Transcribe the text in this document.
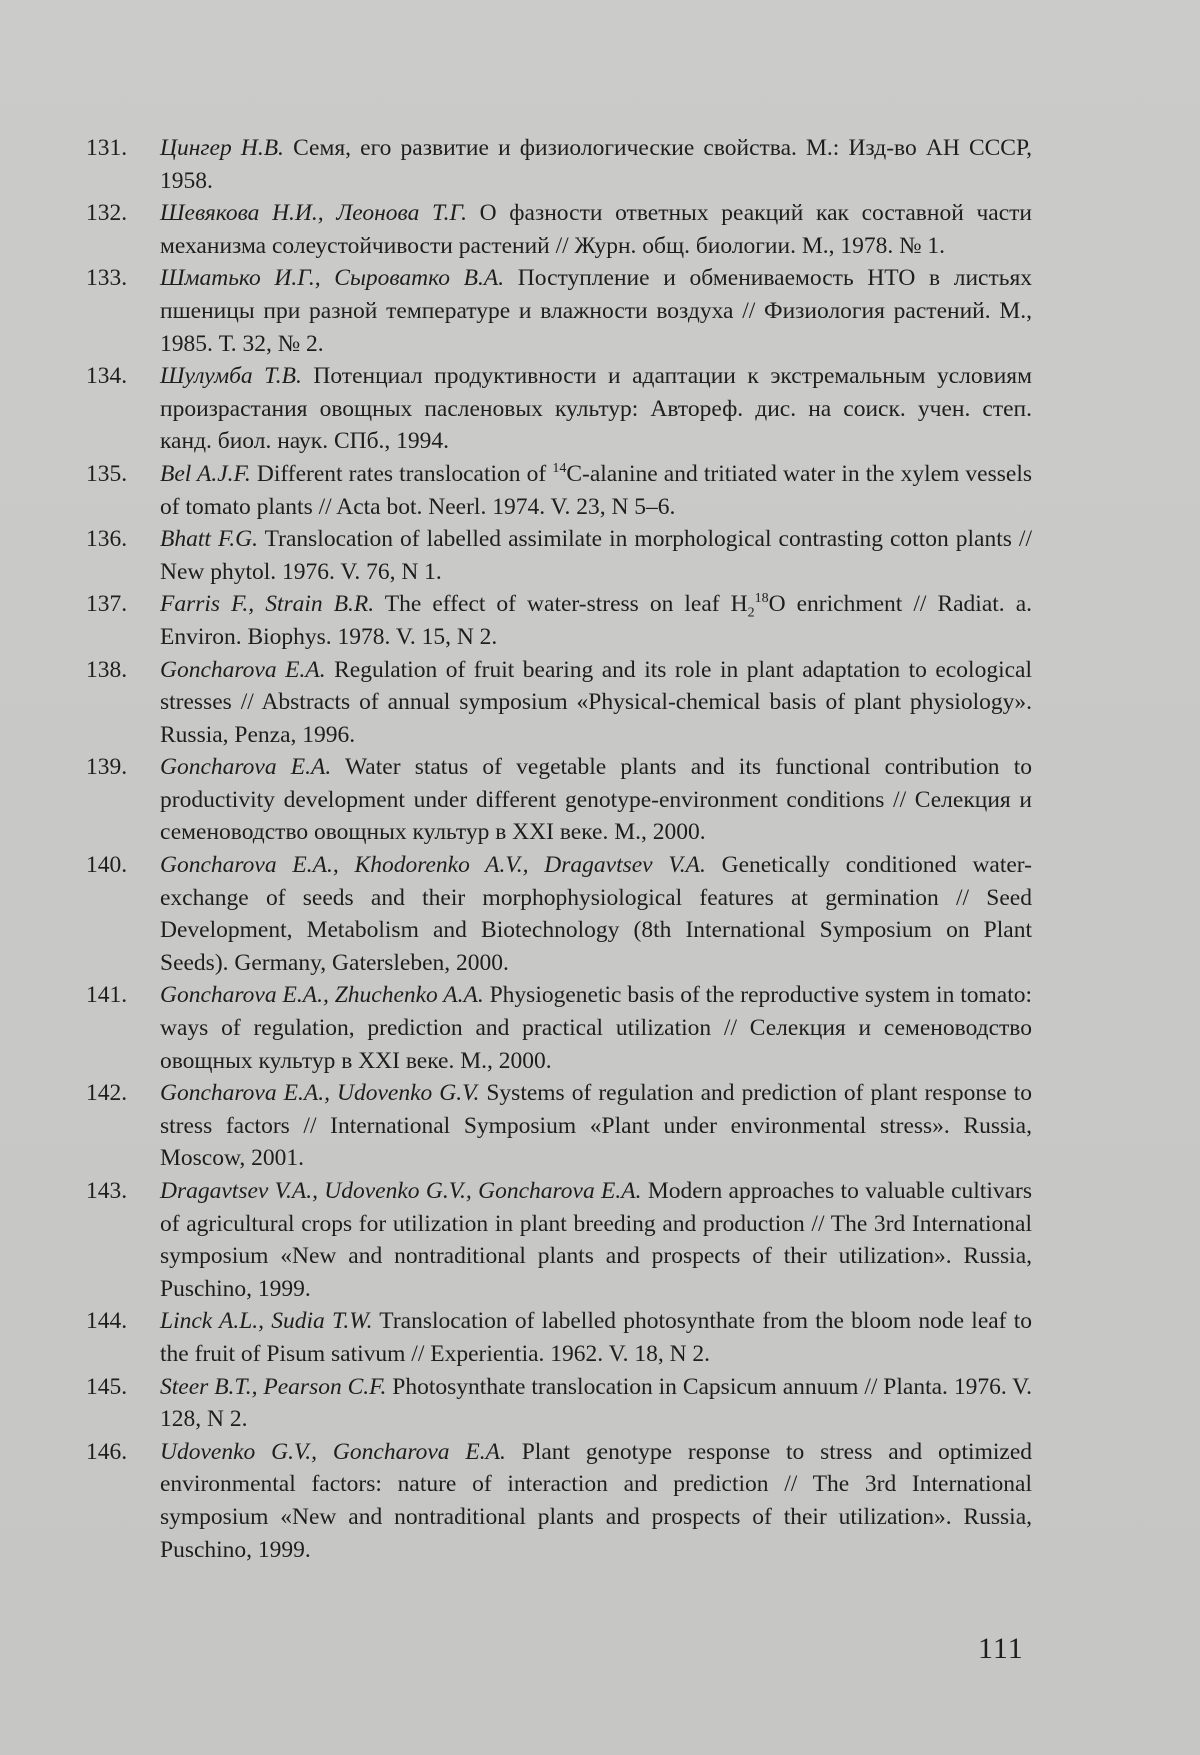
131.	Цингер Н.В. Семя, его развитие и физиологические свойства. М.: Изд-во АН СССР, 1958.
132.	Шевякова Н.И., Леонова Т.Г. О фазности ответных реакций как составной части механизма солеустойчивости растений // Журн. общ. биологии. М., 1978. № 1.
133.	Шматько И.Г., Сыроватко В.А. Поступление и обмениваемость НТО в листьях пшеницы при разной температуре и влажности воздуха // Физиология растений. М., 1985. Т. 32, № 2.
134.	Шулумба Т.В. Потенциал продуктивности и адаптации к экстремальным условиям произрастания овощных пасленовых культур: Автореф. дис. на соиск. учен. степ. канд. биол. наук. СПб., 1994.
135.	Bel A.J.F. Different rates translocation of $^{14}$C-alanine and tritiated water in the xylem vessels of tomato plants // Acta bot. Neerl. 1974. V. 23, N 5–6.
136.	Bhatt F.G. Translocation of labelled assimilate in morphological contrasting cotton plants // New phytol. 1976. V. 76, N 1.
137.	Farris F., Strain B.R. The effect of water-stress on leaf $H_2^{18}O$ enrichment // Radiat. a. Environ. Biophys. 1978. V. 15, N 2.
138.	Goncharova E.A. Regulation of fruit bearing and its role in plant adaptation to ecological stresses // Abstracts of annual symposium «Physical-chemical basis of plant physiology». Russia, Penza, 1996.
139.	Goncharova E.A. Water status of vegetable plants and its functional contribution to productivity development under different genotype-environment conditions // Селекция и семеноводство овощных культур в XXI веке. М., 2000.
140.	Goncharova E.A., Khodorenko A.V., Dragavtsev V.A. Genetically conditioned water-exchange of seeds and their morphophysiological features at germination // Seed Development, Metabolism and Biotechnology (8th International Symposium on Plant Seeds). Germany, Gatersleben, 2000.
141.	Goncharova E.A., Zhuchenko A.A. Physiogenetic basis of the reproductive system in tomato: ways of regulation, prediction and practical utilization // Селекция и семеноводство овощных культур в XXI веке. М., 2000.
142.	Goncharova E.A., Udovenko G.V. Systems of regulation and prediction of plant response to stress factors // International Symposium «Plant under environmental stress». Russia, Moscow, 2001.
143.	Dragavtsev V.A., Udovenko G.V., Goncharova E.A. Modern approaches to valuable cultivars of agricultural crops for utilization in plant breeding and production // The 3rd International symposium «New and nontraditional plants and prospects of their utilization». Russia, Puschino, 1999.
144.	Linck A.L., Sudia T.W. Translocation of labelled photosynthate from the bloom node leaf to the fruit of Pisum sativum // Experientia. 1962. V. 18, N 2.
145.	Steer B.T., Pearson C.F. Photosynthate translocation in Capsicum annuum // Planta. 1976. V. 128, N 2.
146.	Udovenko G.V., Goncharova E.A. Plant genotype response to stress and optimized environmental factors: nature of interaction and prediction // The 3rd International symposium «New and nontraditional plants and prospects of their utilization». Russia, Puschino, 1999.
111
